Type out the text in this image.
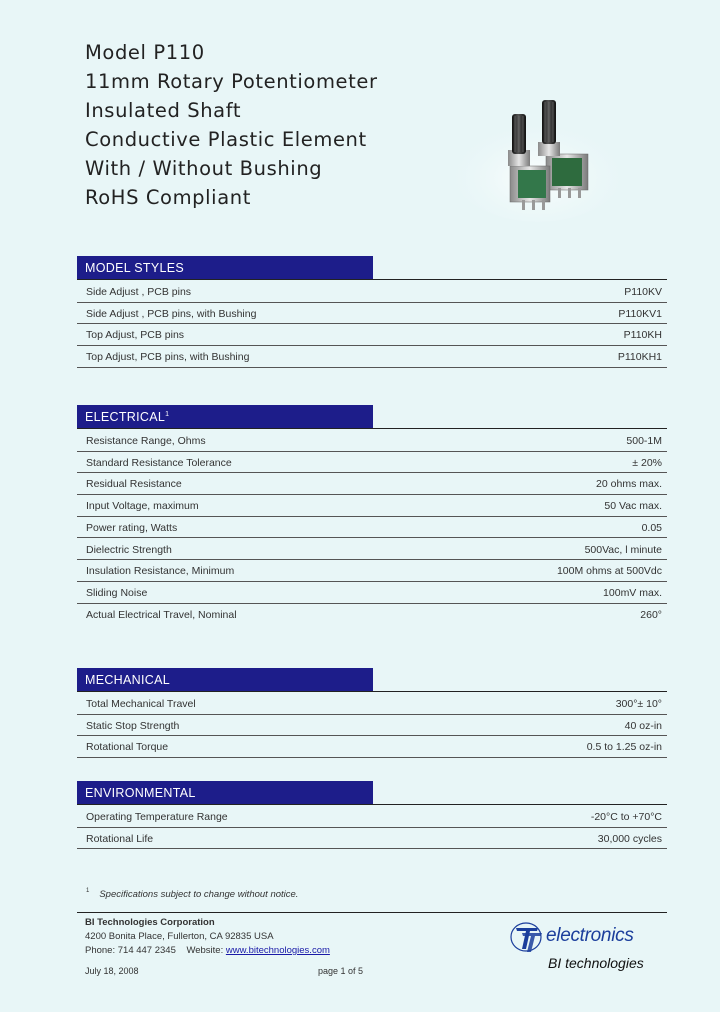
Model P110
11mm Rotary Potentiometer
Insulated Shaft
Conductive Plastic Element
With / Without Bushing
RoHS Compliant
MODEL STYLES
Side Adjust , PCB pins	P110KV
Side Adjust , PCB pins, with Bushing	P110KV1
Top Adjust, PCB pins	P110KH
Top Adjust, PCB pins, with Bushing	P110KH1
ELECTRICAL$^1$
Resistance Range, Ohms	500-1M
Standard Resistance Tolerance	± 20%
Residual Resistance	20 ohms max.
Input Voltage, maximum	50 Vac max.
Power rating, Watts	0.05
Dielectric Strength	500Vac, l minute
Insulation Resistance, Minimum	100M ohms at 500Vdc
Sliding Noise	100mV max.
Actual Electrical Travel, Nominal	260°
MECHANICAL
Total Mechanical Travel	300°± 10°
Static Stop Strength	40 oz-in
Rotational Torque	0.5 to 1.25 oz-in
ENVIRONMENTAL
Operating Temperature Range	-20°C to +70°C
Rotational Life	30,000 cycles
$^1$ Specifications subject to change without notice.
BI Technologies Corporation
4200 Bonita Place, Fullerton, CA 92835 USA
Phone: 714 447 2345 Website: www.bitechnologies.com
July 18, 2008	page 1 of 5
electronics
BI technologies
